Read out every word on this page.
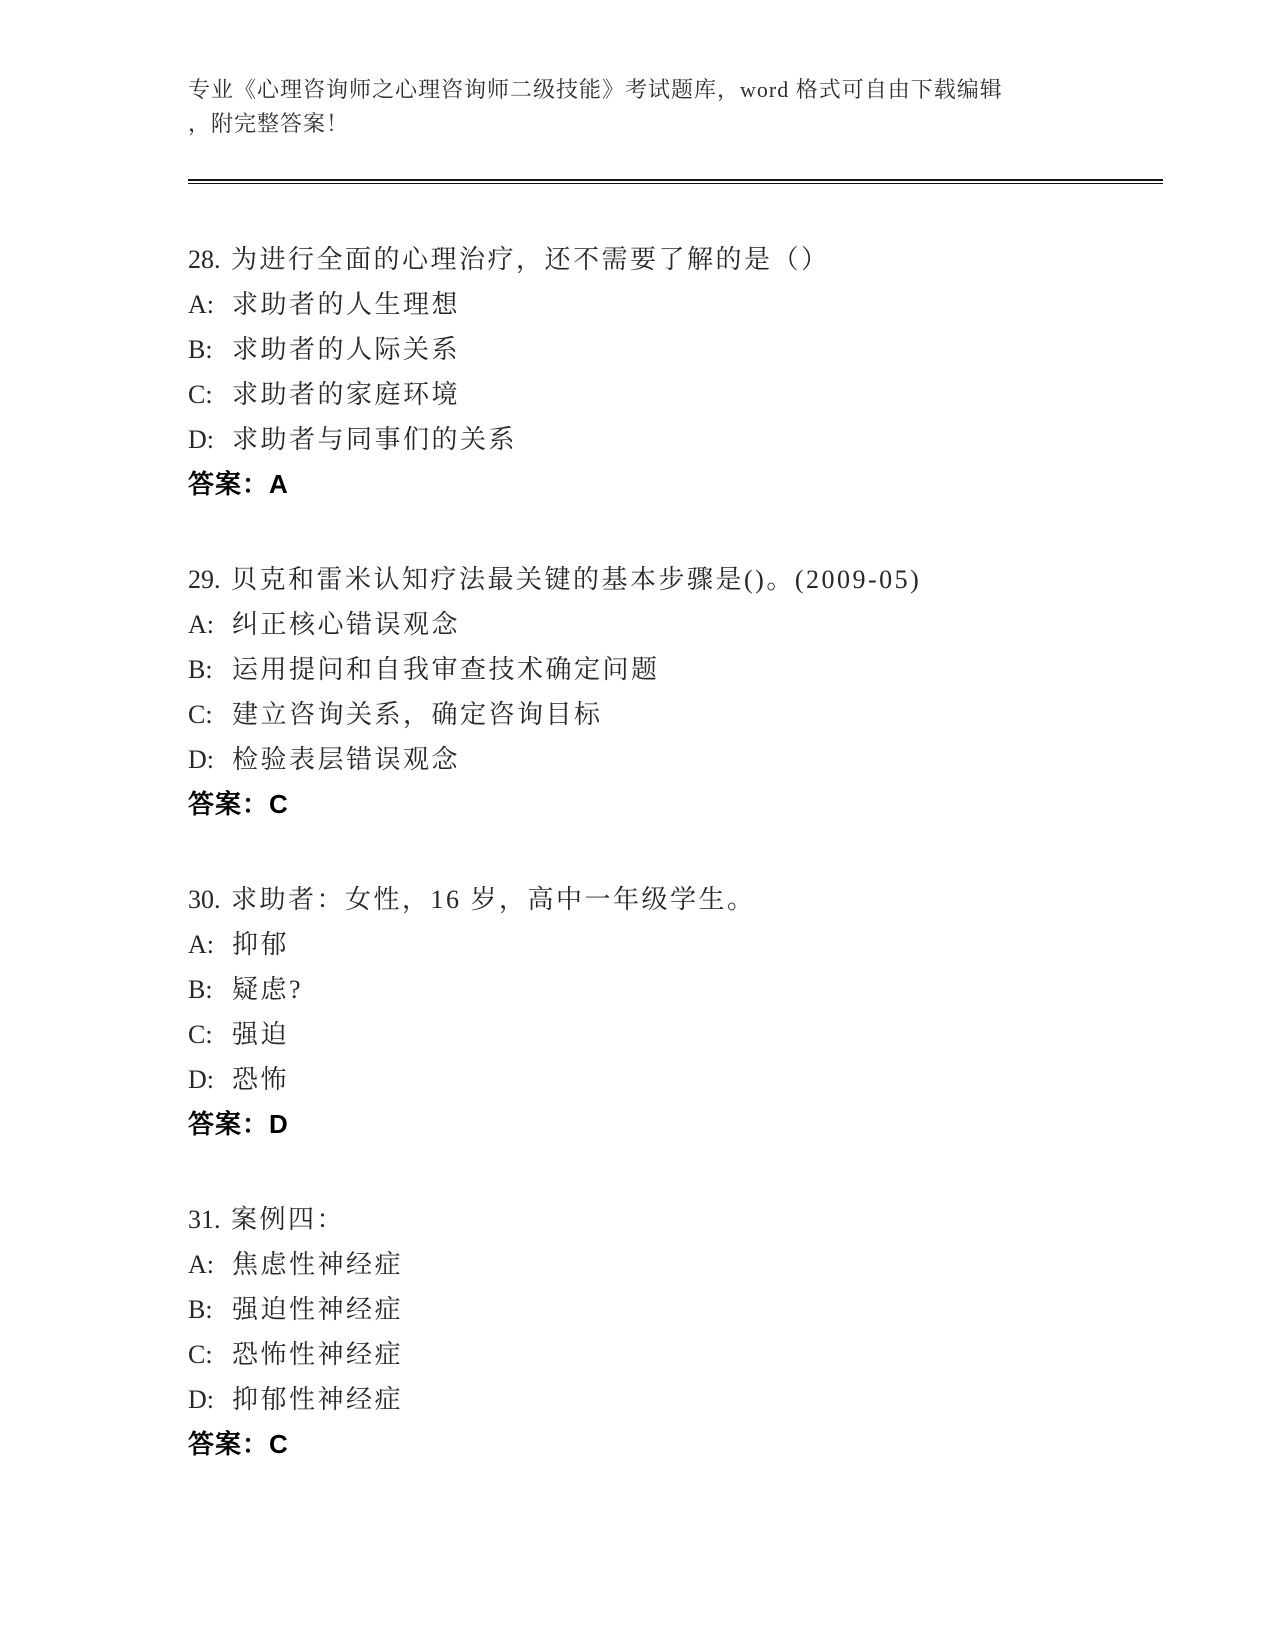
专业《心理咨询师之心理咨询师二级技能》考试题库，word 格式可自由下载编辑
，附完整答案！
28. 为进行全面的心理治疗，还不需要了解的是（）
A: 求助者的人生理想
B: 求助者的人际关系
C: 求助者的家庭环境
D: 求助者与同事们的关系
答案：A
29. 贝克和雷米认知疗法最关键的基本步骤是()。(2009-05)
A: 纠正核心错误观念
B: 运用提问和自我审查技术确定问题
C: 建立咨询关系，确定咨询目标
D: 检验表层错误观念
答案：C
30. 求助者：女性，16 岁，高中一年级学生。
A: 抑郁
B: 疑虑?
C: 强迫
D: 恐怖
答案：D
31. 案例四：
A: 焦虑性神经症
B: 强迫性神经症
C: 恐怖性神经症
D: 抑郁性神经症
答案：C
